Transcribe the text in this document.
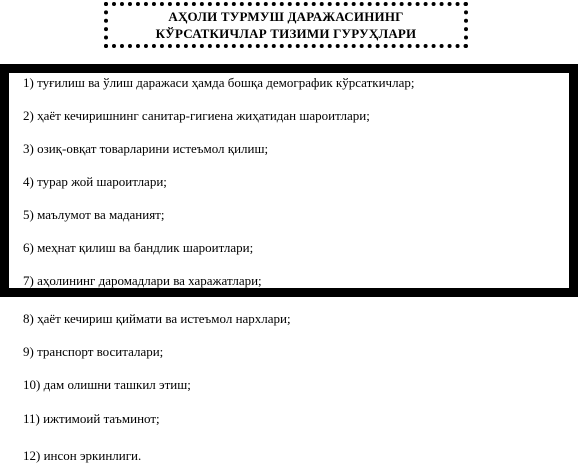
АҲОЛИ ТУРМУШ ДАРАЖАСИНИНГ
КЎРСАТКИЧЛАР ТИЗИМИ ГУРУҲЛАРИ
1) туғилиш ва ўлиш даражаси ҳамда бошқа демографик кўрсаткичлар;
2) ҳаёт кечиришнинг санитар-гигиена жиҳатидан шароитлари;
3) озиқ-овқат товарларини истеъмол қилиш;
4) турар жой шароитлари;
5) маълумот ва маданият;
6) меҳнат қилиш ва бандлик шароитлари;
7) аҳолининг даромадлари ва харажатлари;
8) ҳаёт кечириш қиймати ва истеъмол нархлари;
9) транспорт воситалари;
10) дам олишни ташкил этиш;
11) ижтимоий таъминот;
12) инсон эркинлиги.
